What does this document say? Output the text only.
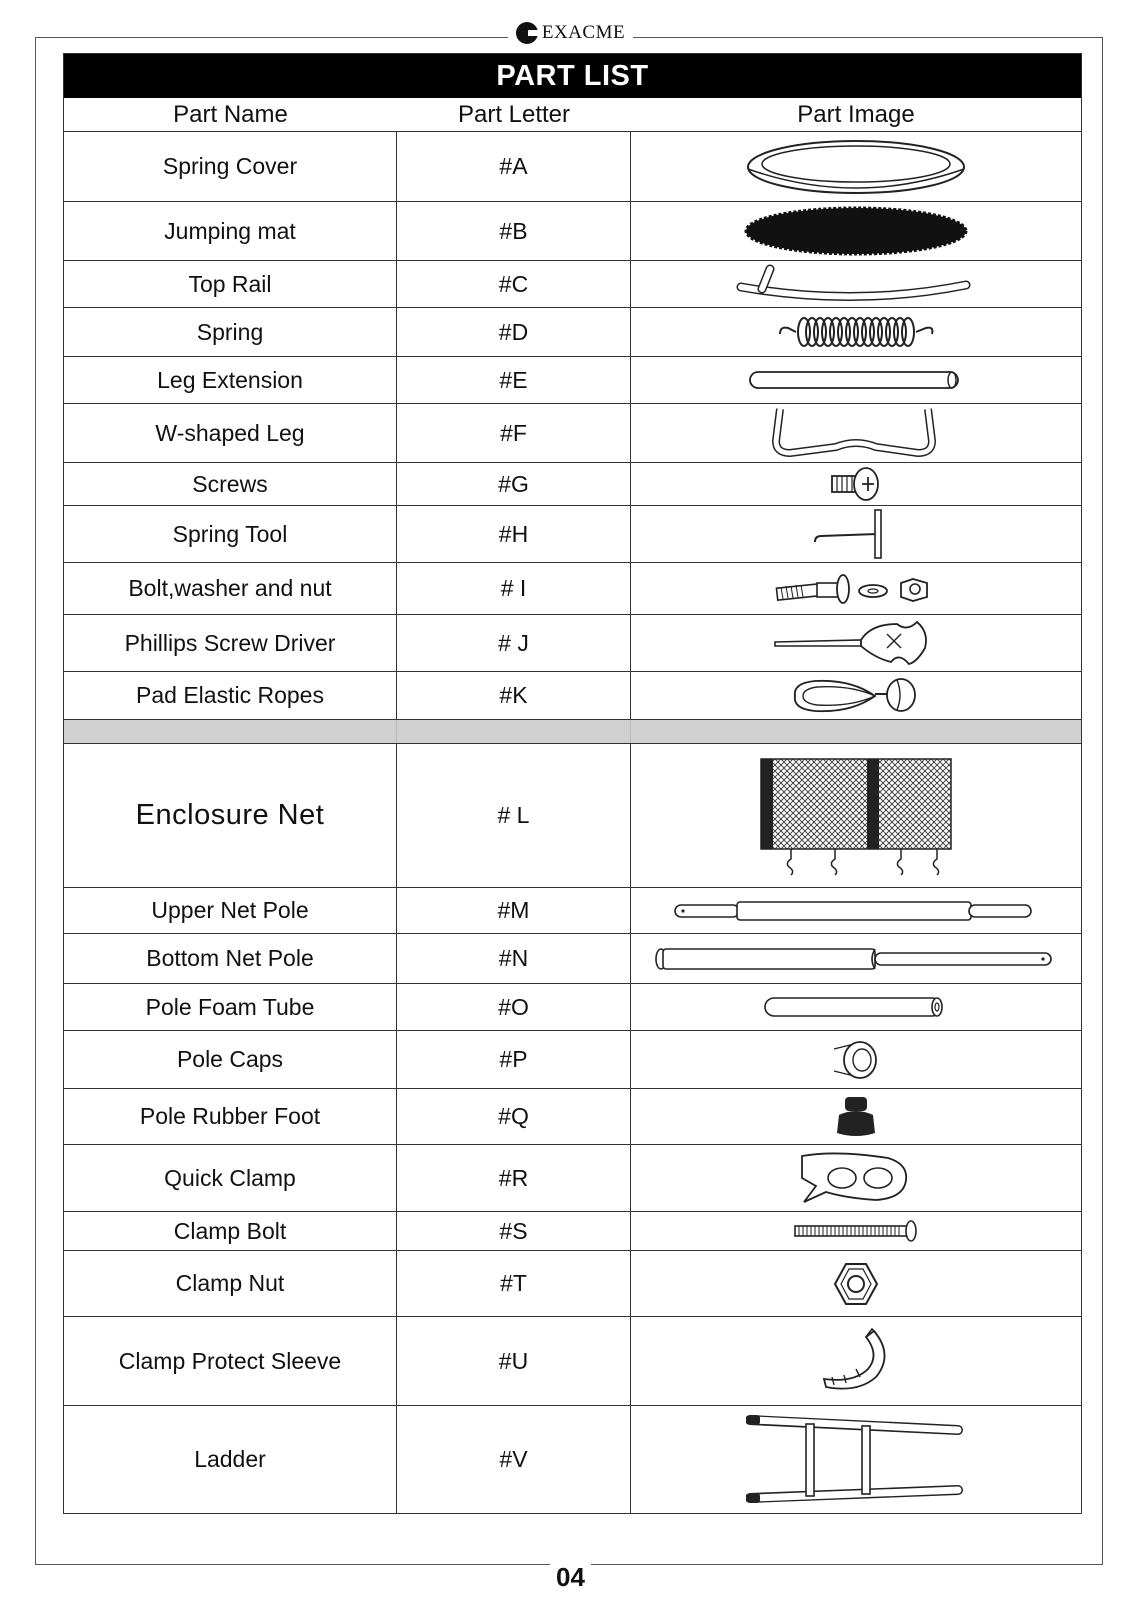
EXACME
PART LIST
Part Name	Part Letter	Part Image
Spring Cover	#A
Jumping mat	#B
Top Rail	#C
Spring	#D
Leg Extension	#E
W-shaped Leg	#F
Screws	#G
Spring Tool	#H
Bolt,washer and nut	# I
Phillips Screw Driver	# J
Pad Elastic Ropes	#K
Enclosure Net	# L
Upper Net Pole	#M
Bottom Net Pole	#N
Pole Foam Tube	#O
Pole Caps	#P
Pole Rubber Foot	#Q
Quick Clamp	#R
Clamp Bolt	#S
Clamp Nut	#T
Clamp Protect Sleeve	#U
Ladder	#V
04
